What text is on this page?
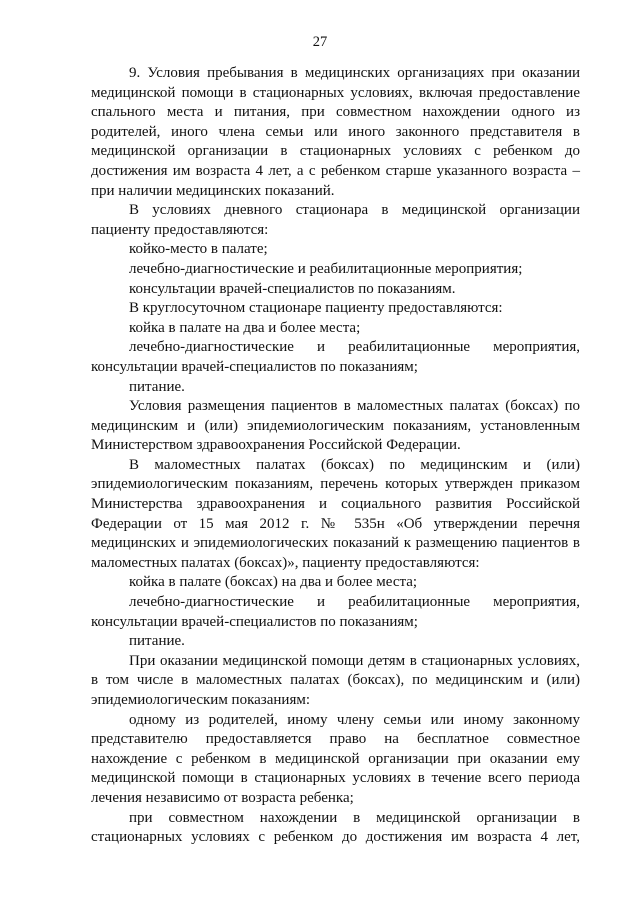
27

9. Условия пребывания в медицинских организациях при оказании медицинской помощи в стационарных условиях, включая предоставление спального места и питания, при совместном нахождении одного из родителей, иного члена семьи или иного законного представителя в медицинской организации в стационарных условиях с ребенком до достижения им возраста 4 лет, а с ребенком старше указанного возраста – при наличии медицинских показаний.

В условиях дневного стационара в медицинской организации пациенту предоставляются:

койко-место в палате;

лечебно-диагностические и реабилитационные мероприятия;

консультации врачей-специалистов по показаниям.

В круглосуточном стационаре пациенту предоставляются:

койка в палате на два и более места;

лечебно-диагностические и реабилитационные мероприятия, консультации врачей-специалистов по показаниям;

питание.

Условия размещения пациентов в маломестных палатах (боксах) по медицинским и (или) эпидемиологическим показаниям, установленным Министерством здравоохранения Российской Федерации.

В маломестных палатах (боксах) по медицинским и (или) эпидемиологическим показаниям, перечень которых утвержден приказом Министерства здравоохранения и социального развития Российской Федерации от 15 мая 2012 г. № 535н «Об утверждении перечня медицинских и эпидемиологических показаний к размещению пациентов в маломестных палатах (боксах)», пациенту предоставляются:

койка в палате (боксах) на два и более места;

лечебно-диагностические и реабилитационные мероприятия, консультации врачей-специалистов по показаниям;

питание.

При оказании медицинской помощи детям в стационарных условиях, в том числе в маломестных палатах (боксах), по медицинским и (или) эпидемиологическим показаниям:

одному из родителей, иному члену семьи или иному законному представителю предоставляется право на бесплатное совместное нахождение с ребенком в медицинской организации при оказании ему медицинской помощи в стационарных условиях в течение всего периода лечения независимо от возраста ребенка;

при совместном нахождении в медицинской организации в стационарных условиях с ребенком до достижения им возраста 4 лет,
